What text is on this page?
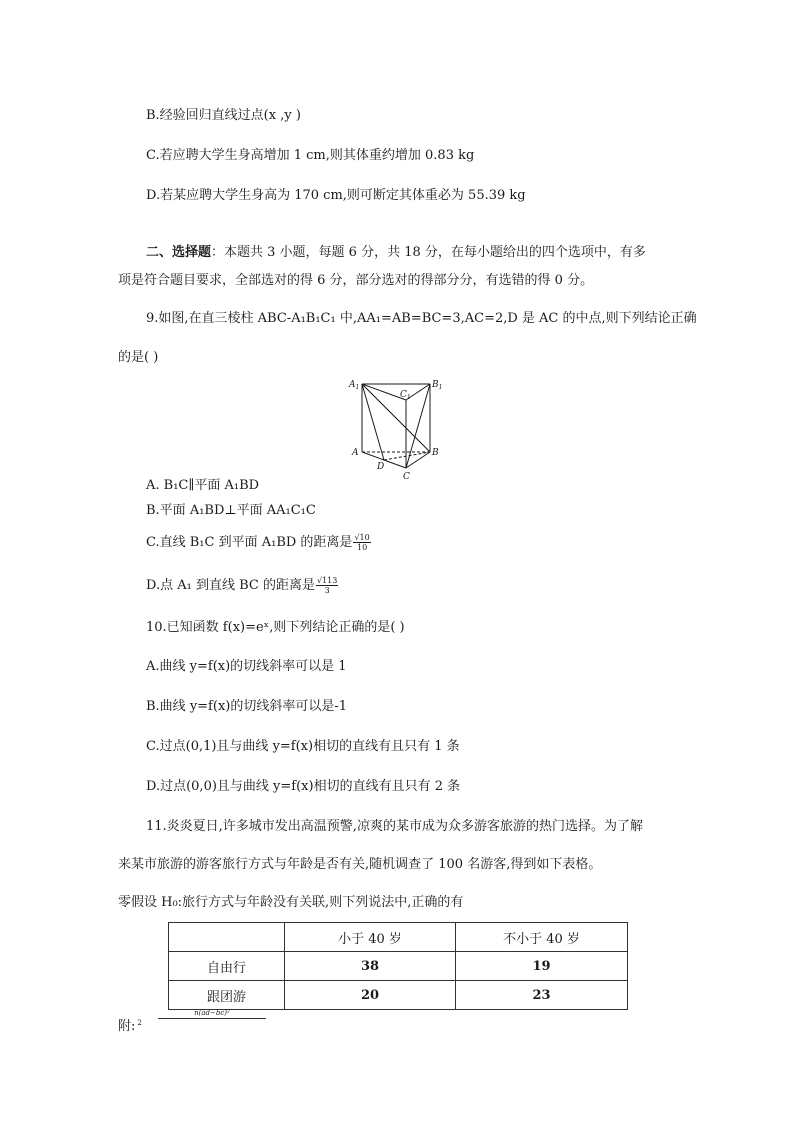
B.经验回归直线过点(x ,y )
C.若应聘大学生身高增加 1 cm,则其体重约增加 0.83 kg
D.若某应聘大学生身高为 170 cm,则可断定其体重必为 55.39 kg
二、选择题：本题共 3 小题，每题 6 分，共 18 分，在每小题给出的四个选项中，有多
项是符合题目要求，全部选对的得 6 分，部分选对的得部分分，有选错的得 0 分。
9.如图,在直三棱柱 ABC-A₁B₁C₁ 中,AA₁=AB=BC=3,AC=2,D 是 AC 的中点,则下列结论正确
的是( )
$A_1$	$B_1$
$C_1$
A	B
D
C
A. B₁C∥平面 A₁BD
B.平面 A₁BD⊥平面 AA₁C₁C
C.直线 B₁C 到平面 A₁BD 的距离是 $\frac{√10}{10}$
D.点 A₁ 到直线 BC 的距离是 $\frac{√113}{3}$
10.已知函数 f(x)=eˣ,则下列结论正确的是( )
A.曲线 y=f(x)的切线斜率可以是 1
B.曲线 y=f(x)的切线斜率可以是-1
C.过点(0,1)且与曲线 y=f(x)相切的直线有且只有 1 条
D.过点(0,0)且与曲线 y=f(x)相切的直线有且只有 2 条
11.炎炎夏日,许多城市发出高温预警,凉爽的某市成为众多游客旅游的热门选择。为了解
来某市旅游的游客旅行方式与年龄是否有关,随机调查了 100 名游客,得到如下表格。
零假设 H₀:旅行方式与年龄没有关联,则下列说法中,正确的有
	小于 40 岁	不小于 40 岁
自由行	38	19
跟团游	20	23
附: $^2$
n(ad−bc)²
